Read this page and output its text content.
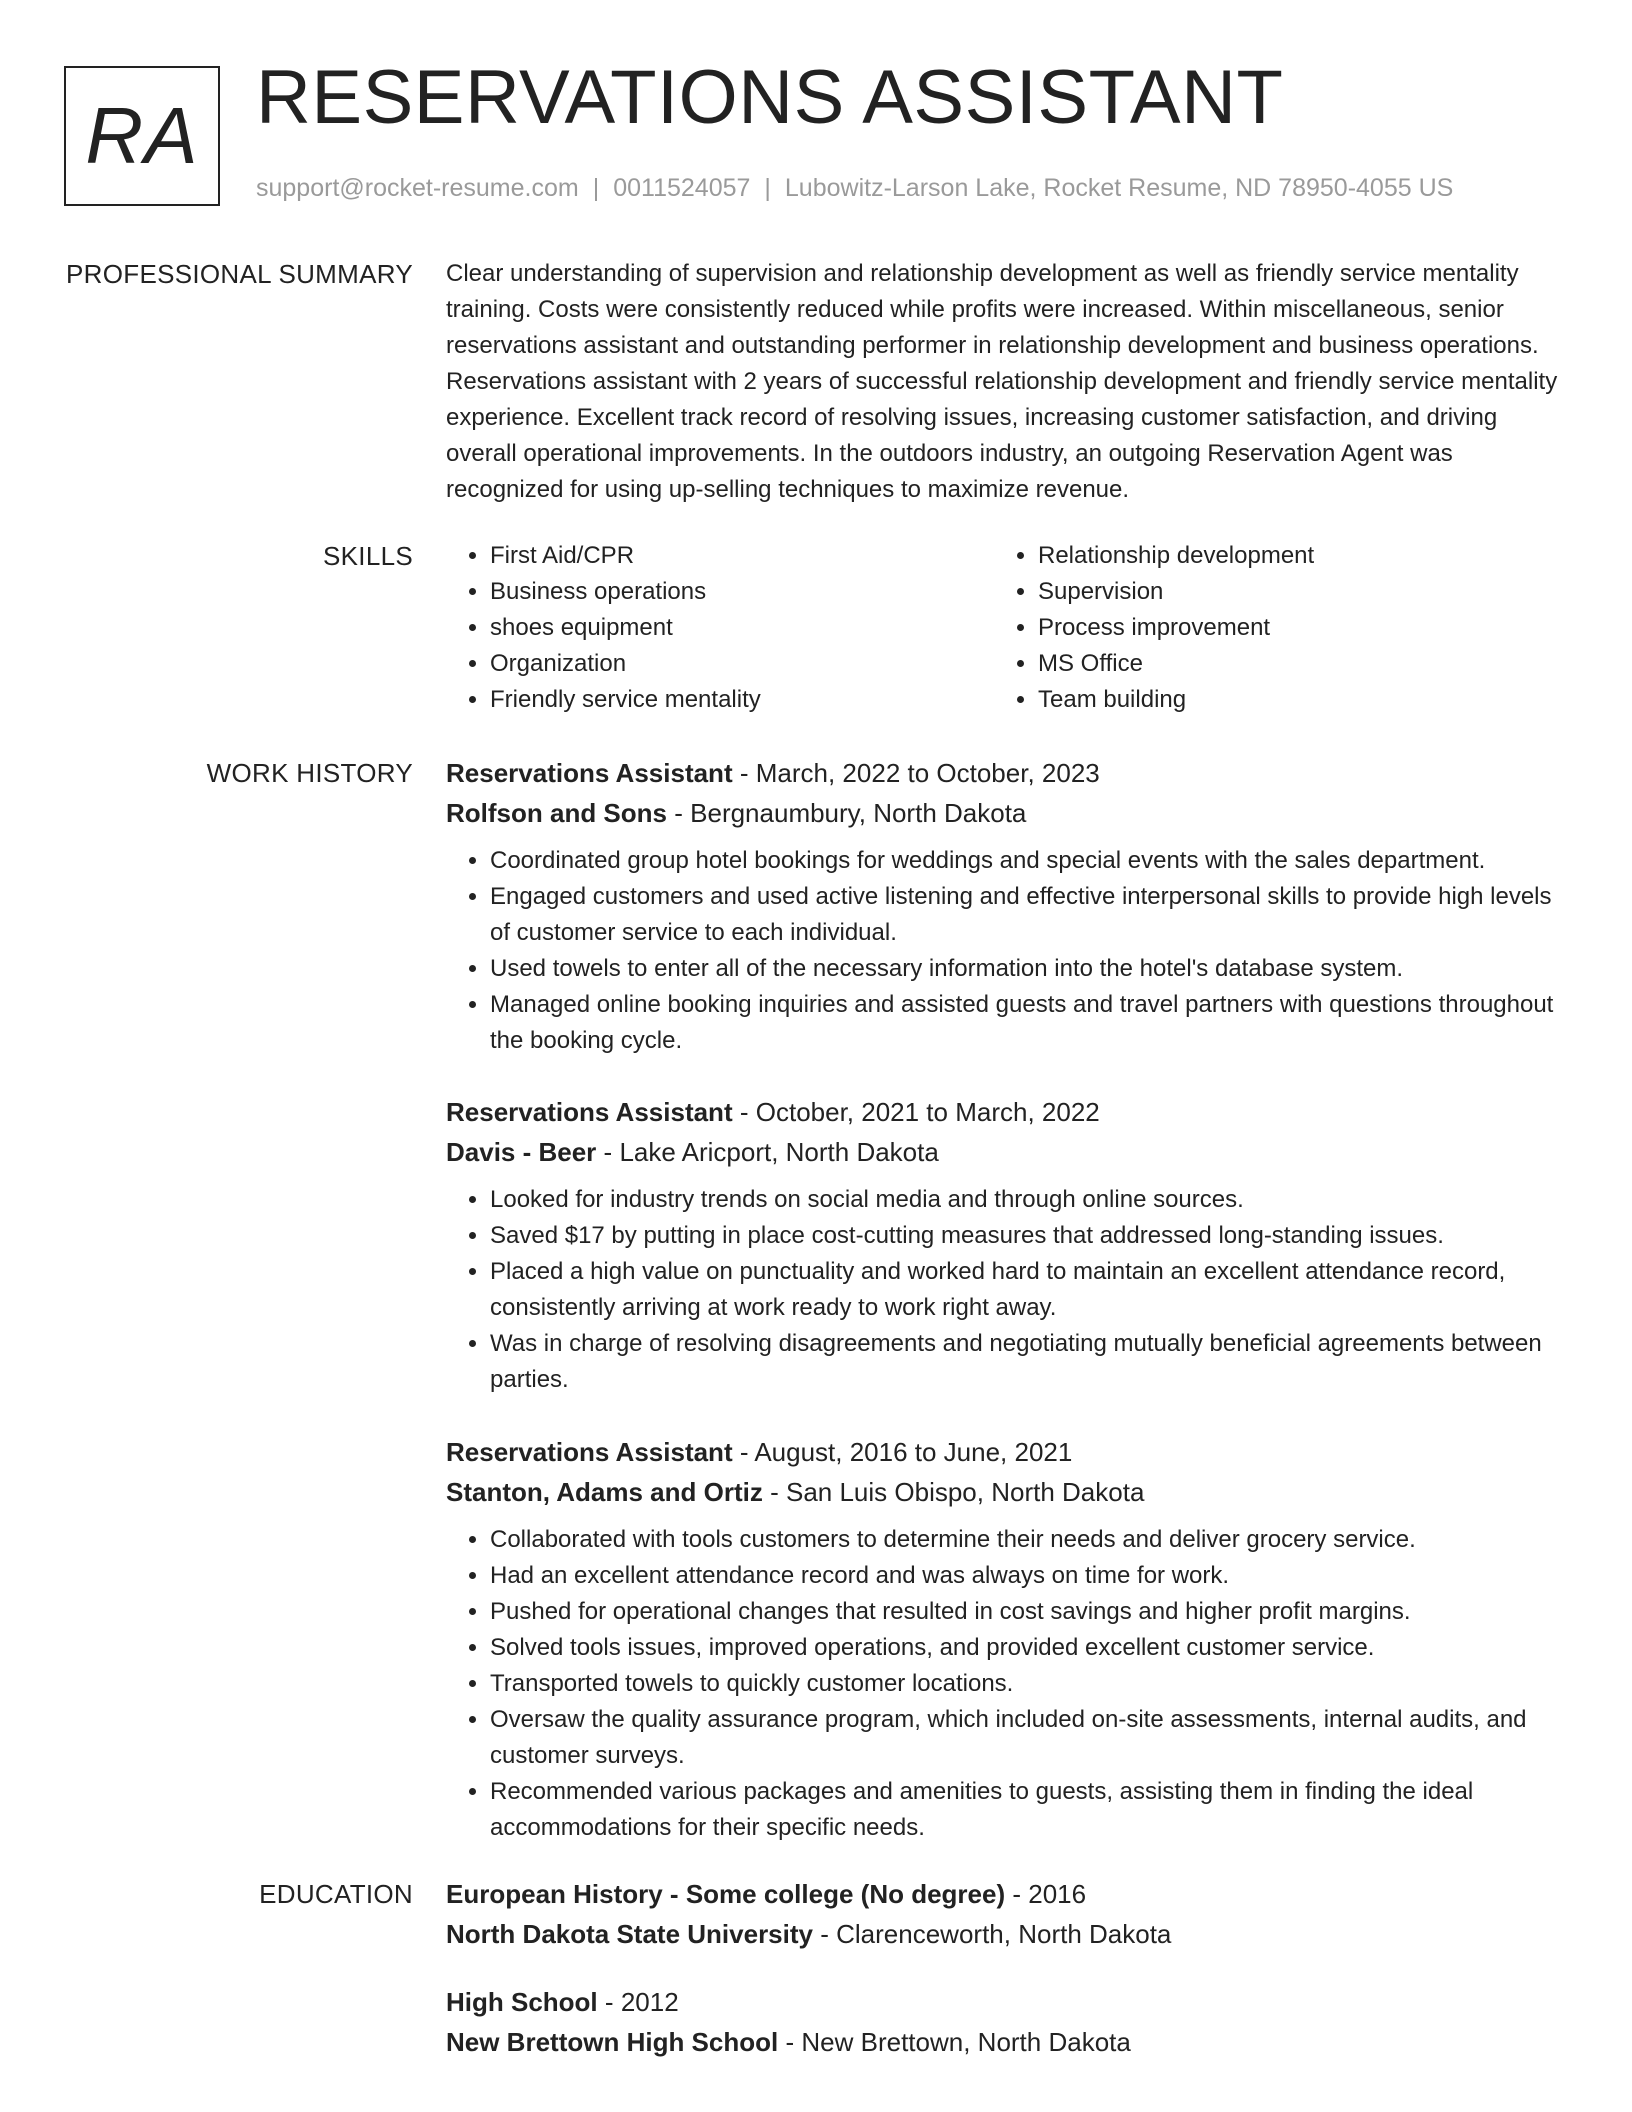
RA RESERVATIONS ASSISTANT
support@rocket-resume.com | 0011524057 | Lubowitz-Larson Lake, Rocket Resume, ND 78950-4055 US
PROFESSIONAL SUMMARY Clear understanding of supervision and relationship development as well as friendly service mentality training. Costs were consistently reduced while profits were increased. Within miscellaneous, senior reservations assistant and outstanding performer in relationship development and business operations. Reservations assistant with 2 years of successful relationship development and friendly service mentality experience. Excellent track record of resolving issues, increasing customer satisfaction, and driving overall operational improvements. In the outdoors industry, an outgoing Reservation Agent was recognized for using up-selling techniques to maximize revenue.

SKILLS
•	First Aid/CPR
• Business operations
• shoes equipment
• Organization
• Friendly service mentality
• Relationship development
• Supervision
• Process improvement
• MS Office
• Team building
WORK HISTORY Reservations Assistant - March, 2022 to October, 2023
Rolfson and Sons - Bergnaumbury, North Dakota
• Coordinated group hotel bookings for weddings and special events with the sales department.
• Engaged customers and used active listening and effective interpersonal skills to provide high levels of customer service to each individual.
• Used towels to enter all of the necessary information into the hotel's database system.
• Managed online booking inquiries and assisted guests and travel partners with questions throughout the booking cycle.
Reservations Assistant - October, 2021 to March, 2022
Davis - Beer - Lake Aricport, North Dakota
• Looked for industry trends on social media and through online sources.
• Saved $17 by putting in place cost-cutting measures that addressed long-standing issues.
• Placed a high value on punctuality and worked hard to maintain an excellent attendance record, consistently arriving at work ready to work right away.
• Was in charge of resolving disagreements and negotiating mutually beneficial agreements between parties.
Reservations Assistant - August, 2016 to June, 2021
Stanton, Adams and Ortiz - San Luis Obispo, North Dakota
• Collaborated with tools customers to determine their needs and deliver grocery service.
• Had an excellent attendance record and was always on time for work.
• Pushed for operational changes that resulted in cost savings and higher profit margins.
• Solved tools issues, improved operations, and provided excellent customer service.
• Transported towels to quickly customer locations.
• Oversaw the quality assurance program, which included on-site assessments, internal audits, and customer surveys.
• Recommended various packages and amenities to guests, assisting them in finding the ideal accommodations for their specific needs.
EDUCATION European History - Some college (No degree) - 2016
North Dakota State University - Clarenceworth, North Dakota
High School - 2012
New Brettown High School - New Brettown, North Dakota
